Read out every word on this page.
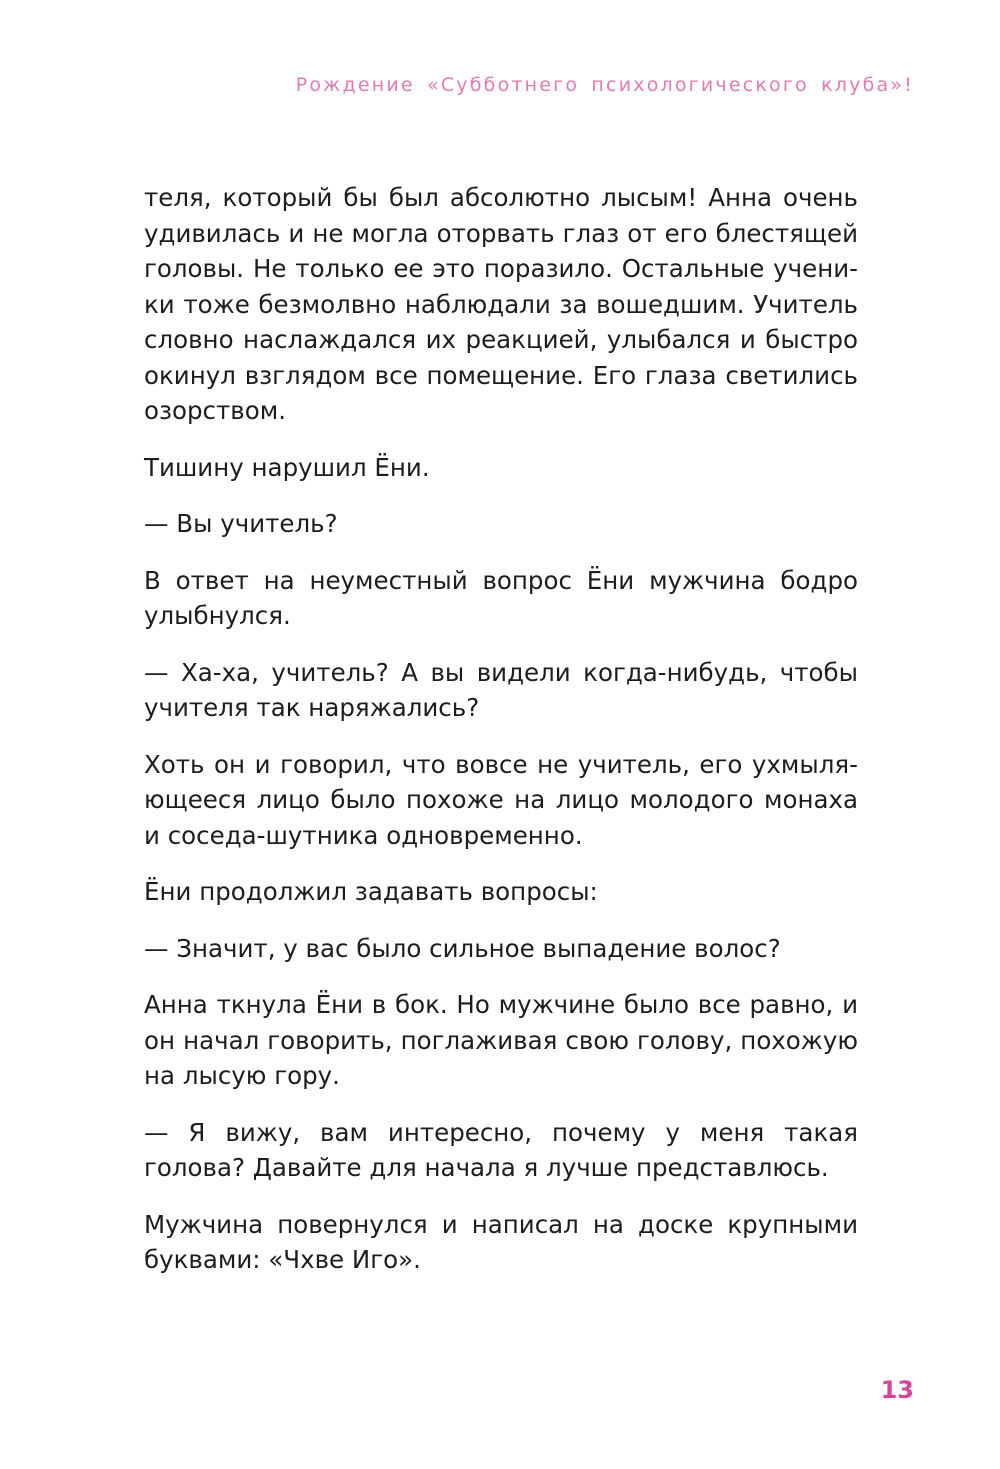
Рождение «Субботнего психологического клуба»!

теля, который бы был абсолютно лысым! Анна очень удивилась и не могла оторвать глаз от его блестящей головы. Не только ее это поразило. Остальные ученики тоже безмолвно наблюдали за вошедшим. Учитель словно наслаждался их реакцией, улыбался и быстро окинул взглядом все помещение. Его глаза светились озорством.

Тишину нарушил Ёни.

— Вы учитель?

В ответ на неуместный вопрос Ёни мужчина бодро улыбнулся.

— Ха-ха, учитель? А вы видели когда-нибудь, чтобы учителя так наряжались?

Хоть он и говорил, что вовсе не учитель, его ухмыляющееся лицо было похоже на лицо молодого монаха и соседа-шутника одновременно.

Ёни продолжил задавать вопросы:

— Значит, у вас было сильное выпадение волос?

Анна ткнула Ёни в бок. Но мужчине было все равно, и он начал говорить, поглаживая свою голову, похожую на лысую гору.

— Я вижу, вам интересно, почему у меня такая голова? Давайте для начала я лучше представлюсь.

Мужчина повернулся и написал на доске крупными буквами: «Чхве Иго».

13
